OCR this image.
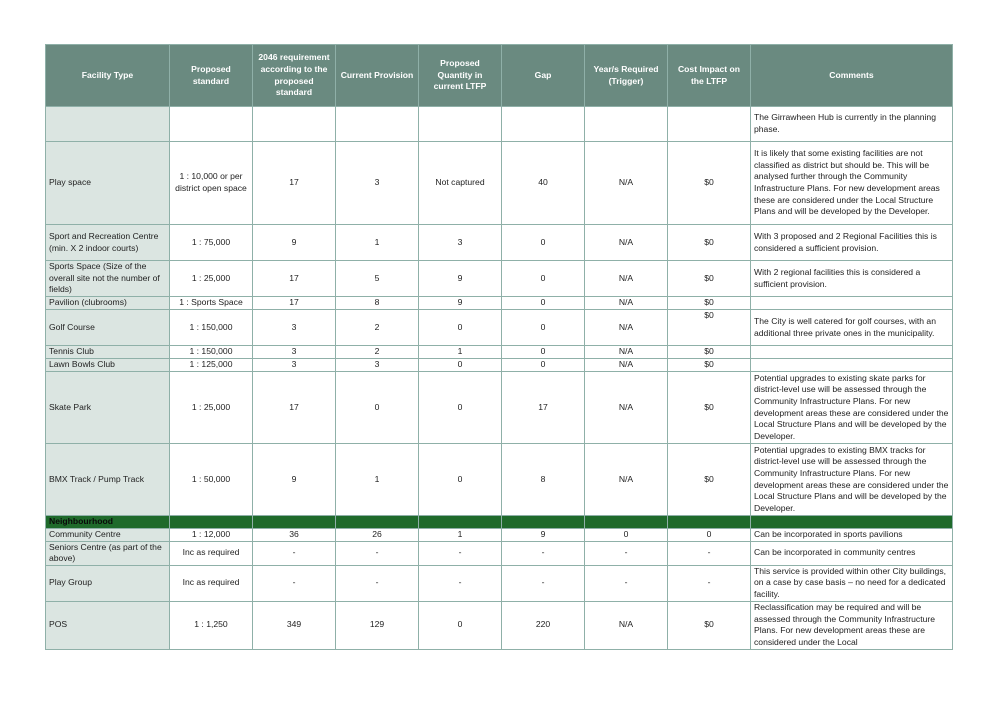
Facility Type	Proposed standard	2046 requirement according to the proposed standard	Current Provision	Proposed Quantity in current LTFP	Gap	Year/s Required (Trigger)	Cost Impact on the LTFP	Comments
								The Girrawheen Hub is currently in the planning phase.
Play space	1 : 10,000 or per district open space	17	3	Not captured	40	N/A	$0	It is likely that some existing facilities are not classified as district but should be. This will be analysed further through the Community Infrastructure Plans. For new development areas these are considered under the Local Structure Plans and will be developed by the Developer.
Sport and Recreation Centre (min. X 2 indoor courts)	1 : 75,000	9	1	3	0	N/A	$0	With 3 proposed and 2 Regional Facilities this is considered a sufficient provision.
Sports Space (Size of the overall site not the number of fields)	1 : 25,000	17	5	9	0	N/A	$0	With 2 regional facilities this is considered a sufficient provision.
Pavilion (clubrooms)	1 : Sports Space	17	8	9	0	N/A	$0	
Golf Course	1 : 150,000	3	2	0	0	N/A	$0	The City is well catered for golf courses, with an additional three private ones in the municipality.
Tennis Club	1 : 150,000	3	2	1	0	N/A	$0	
Lawn Bowls Club	1 : 125,000	3	3	0	0	N/A	$0	
Skate Park	1 : 25,000	17	0	0	17	N/A	$0	Potential upgrades to existing skate parks for district-level use will be assessed through the Community Infrastructure Plans. For new development areas these are considered under the Local Structure Plans and will be developed by the Developer.
BMX Track / Pump Track	1 : 50,000	9	1	0	8	N/A	$0	Potential upgrades to existing BMX tracks for district-level use will be assessed through the Community Infrastructure Plans. For new development areas these are considered under the Local Structure Plans and will be developed by the Developer.
Neighbourhood								
Community Centre	1 : 12,000	36	26	1	9	0	0	Can be incorporated in sports pavilions
Seniors Centre (as part of the above)	Inc as required	-	-	-	-	-	-	Can be incorporated in community centres
Play Group	Inc as required	-	-	-	-	-	-	This service is provided within other City buildings, on a case by case basis – no need for a dedicated facility.
POS	1 : 1,250	349	129	0	220	N/A	$0	Reclassification may be required and will be assessed through the Community Infrastructure Plans. For new development areas these are considered under the Local
